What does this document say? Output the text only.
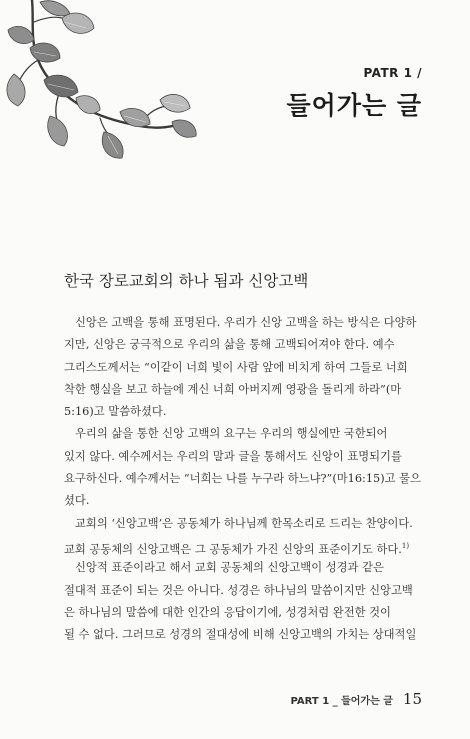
PATR 1 /
들어가는 글
한국 장로교회의 하나 됨과 신앙고백
신앙은 고백을 통해 표명된다. 우리가 신앙 고백을 하는 방식은 다양하
지만, 신앙은 궁극적으로 우리의 삶을 통해 고백되어져야 한다. 예수
그리스도께서는 “이같이 너희 빛이 사람 앞에 비치게 하여 그들로 너희
착한 행실을 보고 하늘에 계신 너희 아버지께 영광을 돌리게 하라”(마
5:16)고 말씀하셨다.
우리의 삶을 통한 신앙 고백의 요구는 우리의 행실에만 국한되어
있지 않다. 예수께서는 우리의 말과 글을 통해서도 신앙이 표명되기를
요구하신다. 예수께서는 “너희는 나를 누구라 하느냐?”(마16:15)고 물으
셨다.
교회의 ‘신앙고백’은 공동체가 하나님께 한목소리로 드리는 찬양이다.
교회 공동체의 신앙고백은 그 공동체가 가진 신앙의 표준이기도 하다.$^{1)}$
신앙적 표준이라고 해서 교회 공동체의 신앙고백이 성경과 같은
절대적 표준이 되는 것은 아니다. 성경은 하나님의 말씀이지만 신앙고백
은 하나님의 말씀에 대한 인간의 응답이기에, 성경처럼 완전한 것이
될 수 없다. 그러므로 성경의 절대성에 비해 신앙고백의 가치는 상대적일
PART 1 _ 들어가는 글 15
